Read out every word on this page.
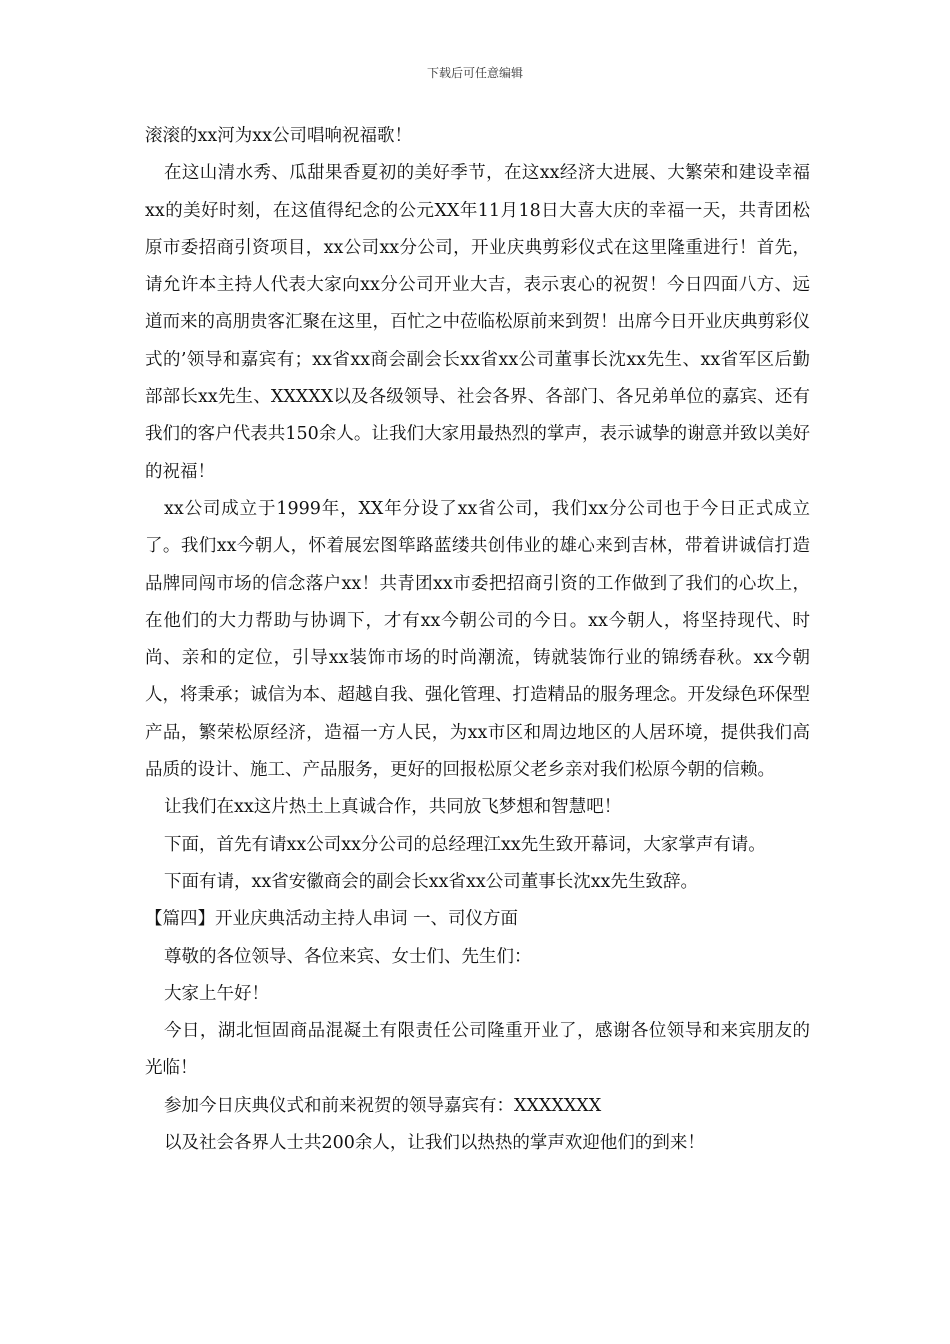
下载后可任意编辑

滚滚的xx河为xx公司唱响祝福歌！

在这山清水秀、瓜甜果香夏初的美好季节，在这xx经济大进展、大繁荣和建设幸福xx的美好时刻，在这值得纪念的公元XX年11月18日大喜大庆的幸福一天，共青团松原市委招商引资项目，xx公司xx分公司，开业庆典剪彩仪式在这里隆重进行！首先，请允许本主持人代表大家向xx分公司开业大吉，表示衷心的祝贺！今日四面八方、远道而来的高朋贵客汇聚在这里，百忙之中莅临松原前来到贺！出席今日开业庆典剪彩仪式的’领导和嘉宾有；xx省xx商会副会长xx省xx公司董事长沈xx先生、xx省军区后勤部部长xx先生、XXXXX以及各级领导、社会各界、各部门、各兄弟单位的嘉宾、还有我们的客户代表共150余人。让我们大家用最热烈的掌声，表示诚挚的谢意并致以美好的祝福！

xx公司成立于1999年，XX年分设了xx省公司，我们xx分公司也于今日正式成立了。我们xx今朝人，怀着展宏图筚路蓝缕共创伟业的雄心来到吉林，带着讲诚信打造品牌同闯市场的信念落户xx！共青团xx市委把招商引资的工作做到了我们的心坎上，在他们的大力帮助与协调下，才有xx今朝公司的今日。xx今朝人，将坚持现代、时尚、亲和的定位，引导xx装饰市场的时尚潮流，铸就装饰行业的锦绣春秋。xx今朝人，将秉承；诚信为本、超越自我、强化管理、打造精品的服务理念。开发绿色环保型产品，繁荣松原经济，造福一方人民，为xx市区和周边地区的人居环境，提供我们高品质的设计、施工、产品服务，更好的回报松原父老乡亲对我们松原今朝的信赖。

让我们在xx这片热土上真诚合作，共同放飞梦想和智慧吧！

下面，首先有请xx公司xx分公司的总经理江xx先生致开幕词，大家掌声有请。

下面有请，xx省安徽商会的副会长xx省xx公司董事长沈xx先生致辞。

【篇四】开业庆典活动主持人串词 一、司仪方面

尊敬的各位领导、各位来宾、女士们、先生们：

大家上午好！

今日，湖北恒固商品混凝土有限责任公司隆重开业了，感谢各位领导和来宾朋友的光临！

参加今日庆典仪式和前来祝贺的领导嘉宾有：XXXXXXX

以及社会各界人士共200余人，让我们以热热的掌声欢迎他们的到来！
